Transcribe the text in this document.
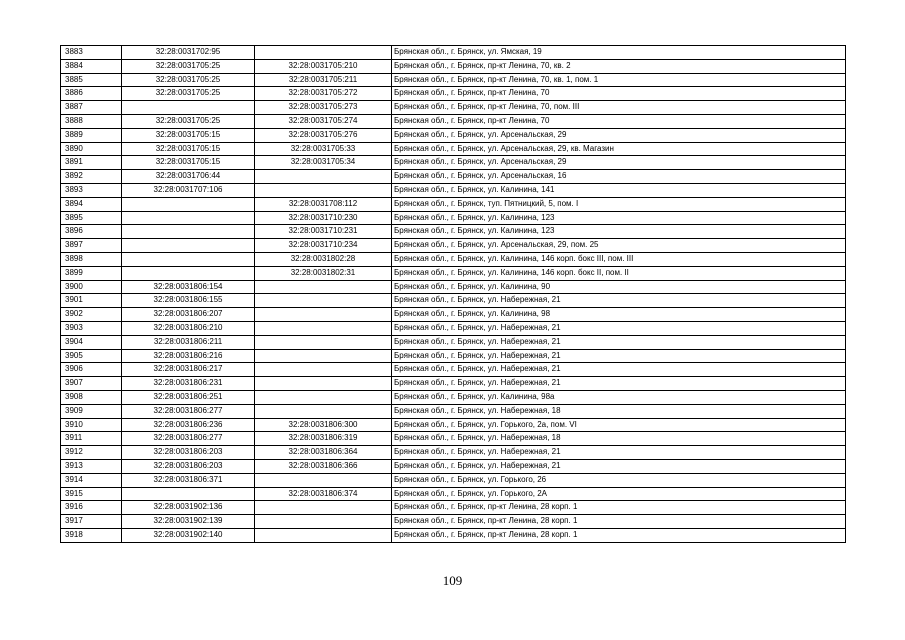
3883	32:28:0031702:95		Брянская обл., г. Брянск, ул. Ямская, 19
3884	32:28:0031705:25	32:28:0031705:210	Брянская обл., г. Брянск, пр-кт Ленина, 70, кв. 2
3885	32:28:0031705:25	32:28:0031705:211	Брянская обл., г. Брянск, пр-кт Ленина, 70, кв. 1, пом. 1
3886	32:28:0031705:25	32:28:0031705:272	Брянская обл., г. Брянск, пр-кт Ленина, 70
3887		32:28:0031705:273	Брянская обл., г. Брянск, пр-кт Ленина, 70, пом. III
3888	32:28:0031705:25	32:28:0031705:274	Брянская обл., г. Брянск, пр-кт Ленина, 70
3889	32:28:0031705:15	32:28:0031705:276	Брянская обл., г. Брянск, ул. Арсенальская, 29
3890	32:28:0031705:15	32:28:0031705:33	Брянская обл., г. Брянск, ул. Арсенальская, 29, кв. Магазин
3891	32:28:0031705:15	32:28:0031705:34	Брянская обл., г. Брянск, ул. Арсенальская, 29
3892	32:28:0031706:44		Брянская обл., г. Брянск, ул. Арсенальская, 16
3893	32:28:0031707:106		Брянская обл., г. Брянск, ул. Калинина, 141
3894		32:28:0031708:112	Брянская обл., г. Брянск, туп. Пятницкий, 5, пом. I
3895		32:28:0031710:230	Брянская обл., г. Брянск, ул. Калинина, 123
3896		32:28:0031710:231	Брянская обл., г. Брянск, ул. Калинина, 123
3897		32:28:0031710:234	Брянская обл., г. Брянск, ул. Арсенальская, 29, пом. 25
3898		32:28:0031802:28	Брянская обл., г. Брянск, ул. Калинина, 146 корп. бокс III, пом. III
3899		32:28:0031802:31	Брянская обл., г. Брянск, ул. Калинина, 146 корп. бокс II, пом. II
3900	32:28:0031806:154		Брянская обл., г. Брянск, ул. Калинина, 90
3901	32:28:0031806:155		Брянская обл., г. Брянск, ул. Набережная, 21
3902	32:28:0031806:207		Брянская обл., г. Брянск, ул. Калинина, 98
3903	32:28:0031806:210		Брянская обл., г. Брянск, ул. Набережная, 21
3904	32:28:0031806:211		Брянская обл., г. Брянск, ул. Набережная, 21
3905	32:28:0031806:216		Брянская обл., г. Брянск, ул. Набережная, 21
3906	32:28:0031806:217		Брянская обл., г. Брянск, ул. Набережная, 21
3907	32:28:0031806:231		Брянская обл., г. Брянск, ул. Набережная, 21
3908	32:28:0031806:251		Брянская обл., г. Брянск, ул. Калинина, 98а
3909	32:28:0031806:277		Брянская обл., г. Брянск, ул. Набережная, 18
3910	32:28:0031806:236	32:28:0031806:300	Брянская обл., г. Брянск, ул. Горького, 2а, пом. VI
3911	32:28:0031806:277	32:28:0031806:319	Брянская обл., г. Брянск, ул. Набережная, 18
3912	32:28:0031806:203	32:28:0031806:364	Брянская обл., г. Брянск, ул. Набережная, 21
3913	32:28:0031806:203	32:28:0031806:366	Брянская обл., г. Брянск, ул. Набережная, 21
3914	32:28:0031806:371		Брянская обл., г. Брянск, ул. Горького, 26
3915		32:28:0031806:374	Брянская обл., г. Брянск, ул. Горького, 2А
3916	32:28:0031902:136		Брянская обл., г. Брянск, пр-кт Ленина, 28 корп. 1
3917	32:28:0031902:139		Брянская обл., г. Брянск, пр-кт Ленина, 28 корп. 1
3918	32:28:0031902:140		Брянская обл., г. Брянск, пр-кт Ленина, 28 корп. 1
109
